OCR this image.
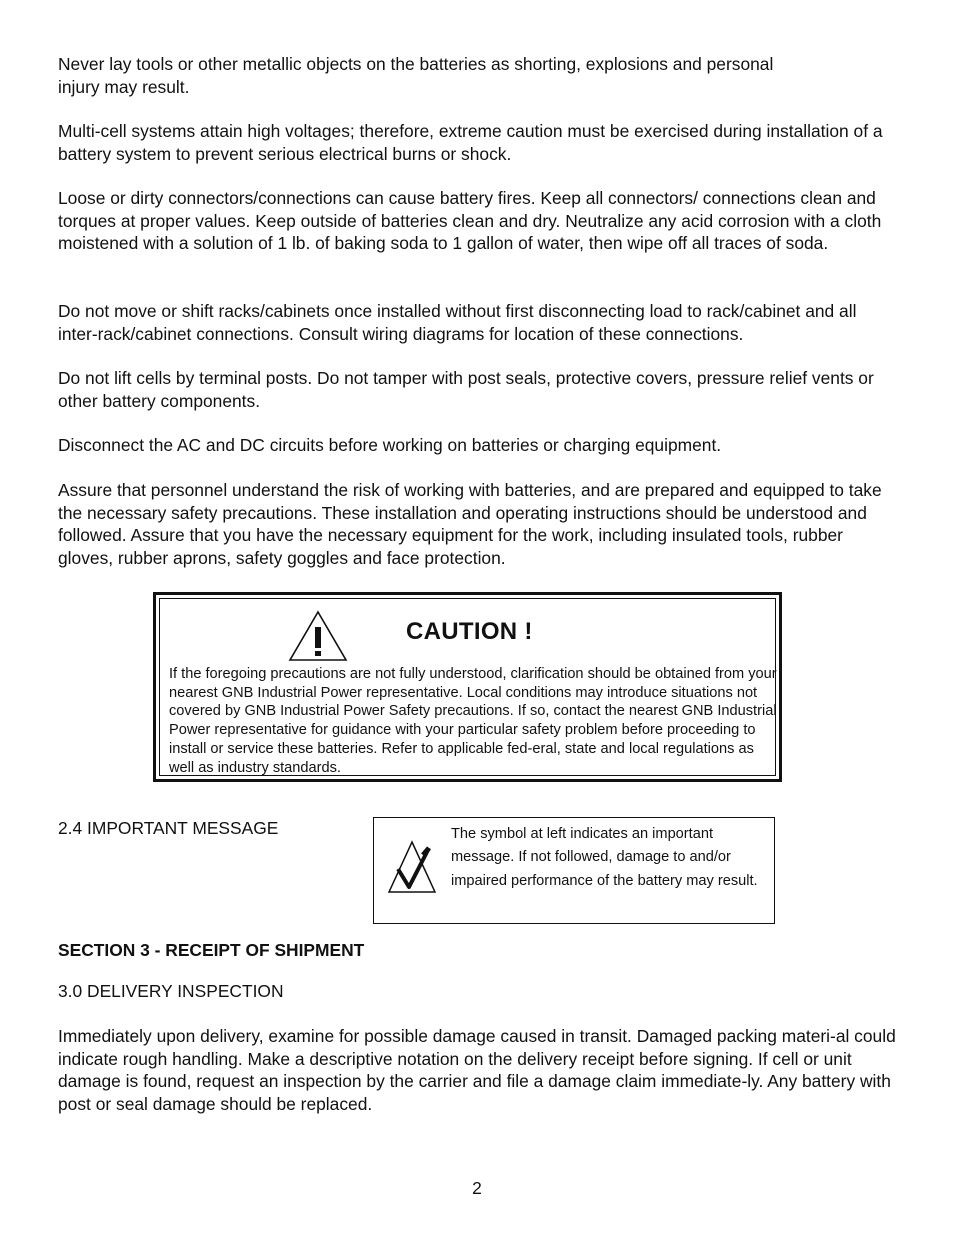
Never lay tools or other metallic objects on the batteries as shorting, explosions and personal injury may result.

Multi-cell systems attain high voltages; therefore, extreme caution must be exercised during installation of a battery system to prevent serious electrical burns or shock.

Loose or dirty connectors/connections can cause battery fires. Keep all connectors/ connections clean and torques at proper values. Keep outside of batteries clean and dry. Neutralize any acid corrosion with a cloth moistened with a solution of 1 lb. of baking soda to 1 gallon of water, then wipe off all traces of soda.

Do not move or shift racks/cabinets once installed without first disconnecting load to rack/cabinet and all inter-rack/cabinet connections. Consult wiring diagrams for location of these connections.

Do not lift cells by terminal posts. Do not tamper with post seals, protective covers, pressure relief vents or other battery components.

Disconnect the AC and DC circuits before working on batteries or charging equipment.

Assure that personnel understand the risk of working with batteries, and are prepared and equipped to take the necessary safety precautions. These installation and operating instructions should be understood and followed. Assure that you have the necessary equipment for the work, including insulated tools, rubber gloves, rubber aprons, safety goggles and face protection.

CAUTION !

If the foregoing precautions are not fully understood, clarification should be obtained from your nearest GNB Industrial Power representative. Local conditions may introduce situations not covered by GNB Industrial Power Safety precautions. If so, contact the nearest GNB Industrial Power representative for guidance with your particular safety problem before proceeding to install or service these batteries. Refer to applicable fed-eral, state and local regulations as well as industry standards.

2.4 IMPORTANT MESSAGE	The symbol at left indicates an important message. If not followed, damage to and/or impaired performance of the battery may result.

SECTION 3 - RECEIPT OF SHIPMENT

3.0 DELIVERY INSPECTION

Immediately upon delivery, examine for possible damage caused in transit. Damaged packing materi-al could indicate rough handling. Make a descriptive notation on the delivery receipt before signing. If cell or unit damage is found, request an inspection by the carrier and file a damage claim immediate-ly. Any battery with post or seal damage should be replaced.

2
